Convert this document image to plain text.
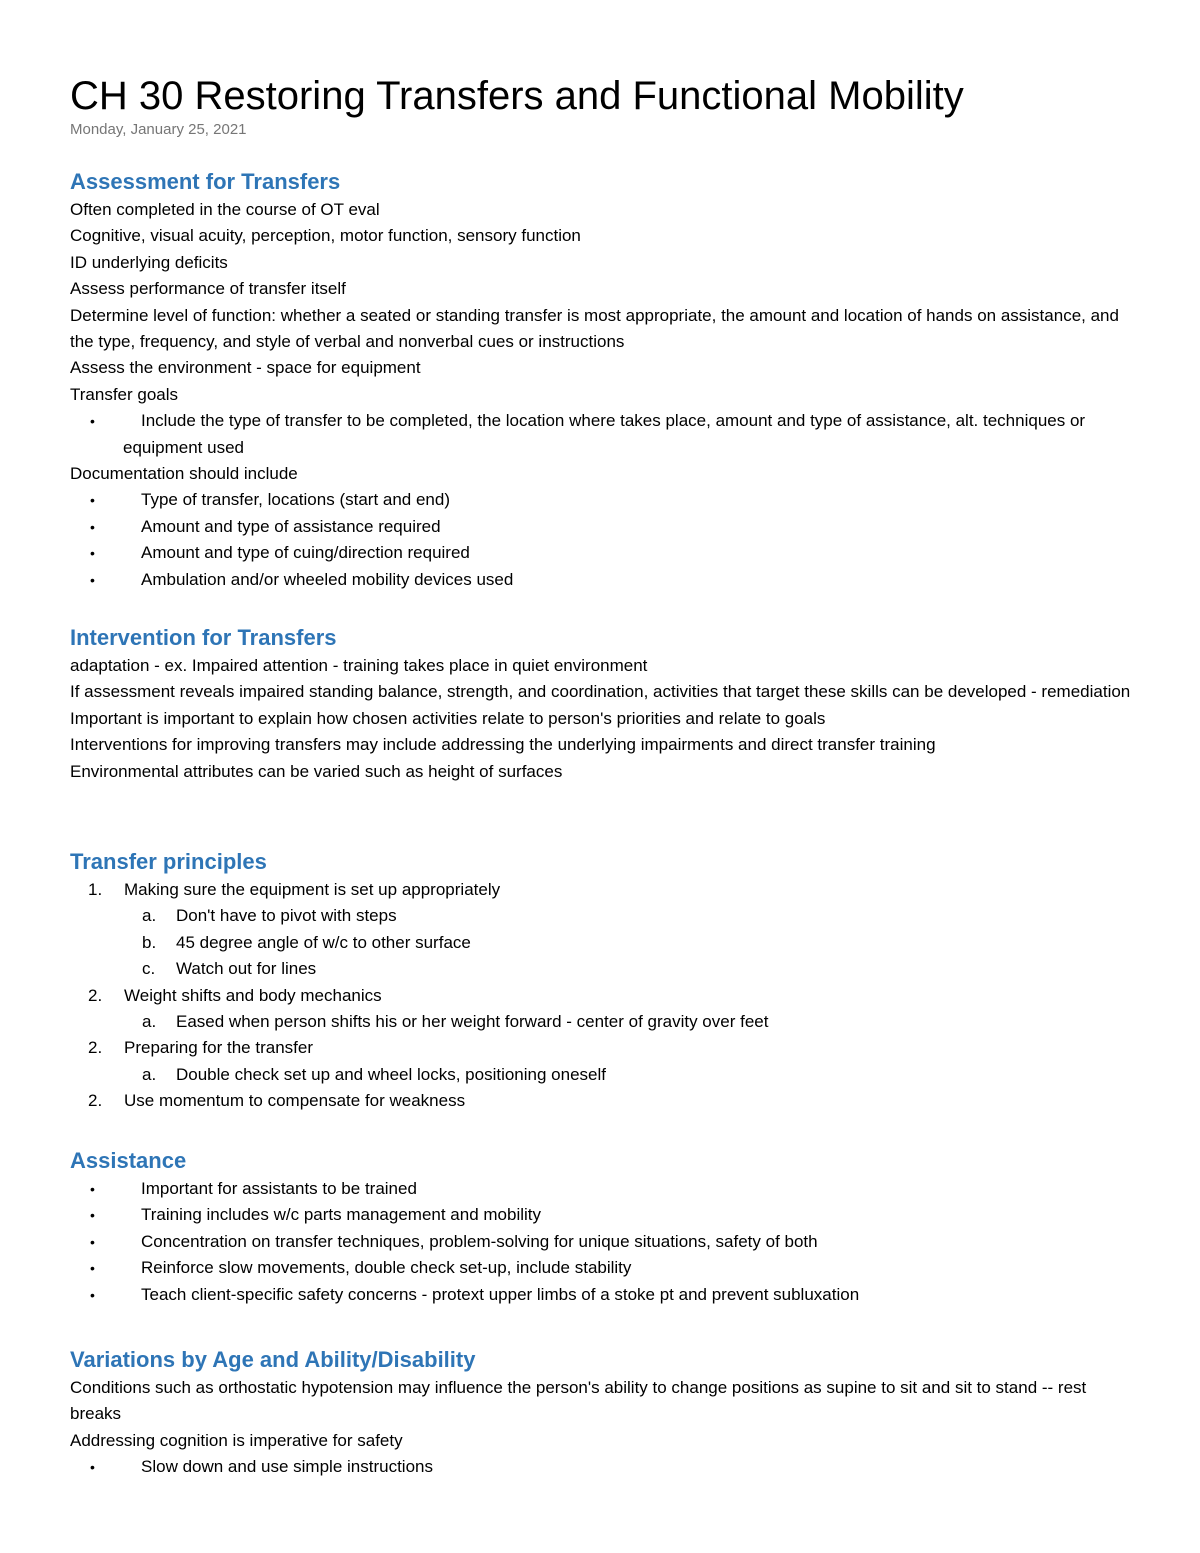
CH 30 Restoring Transfers and Functional Mobility
Monday, January 25, 2021
Assessment for Transfers

Often completed in the course of OT eval

Cognitive, visual acuity, perception, motor function, sensory function

ID underlying deficits

Assess performance of transfer itself

Determine level of function: whether a seated or standing transfer is most appropriate, the amount and location of hands on assistance, and the type, frequency, and style of verbal and nonverbal cues or instructions

Assess the environment - space for equipment

Transfer goals

•	Include the type of transfer to be completed, the location where takes place, amount and type of assistance, alt. techniques or equipment used

Documentation should include

•	Type of transfer, locations (start and end)
•	Amount and type of assistance required
•	Amount and type of cuing/direction required
•	Ambulation and/or wheeled mobility devices used
Intervention for Transfers

adaptation - ex. Impaired attention - training takes place in quiet environment

If assessment reveals impaired standing balance, strength, and coordination, activities that target these skills can be developed - remediation

Important is important to explain how chosen activities relate to person's priorities and relate to goals

Interventions for improving transfers may include addressing the underlying impairments and direct transfer training

Environmental attributes can be varied such as height of surfaces

Transfer principles
1. Making sure the equipment is set up appropriately
a. Don't have to pivot with steps
b. 45 degree angle of w/c to other surface
c. Watch out for lines
2. Weight shifts and body mechanics
a. Eased when person shifts his or her weight forward - center of gravity over feet
2. Preparing for the transfer
a. Double check set up and wheel locks, positioning oneself
2. Use momentum to compensate for weakness
Assistance
•	Important for assistants to be trained
•	Training includes w/c parts management and mobility
•	Concentration on transfer techniques, problem-solving for unique situations, safety of both
•	Reinforce slow movements, double check set-up, include stability
•	Teach client-specific safety concerns - protext upper limbs of a stoke pt and prevent subluxation
Variations by Age and Ability/Disability

Conditions such as orthostatic hypotension may influence the person's ability to change positions as supine to sit and sit to stand -- rest breaks

Addressing cognition is imperative for safety

•	Slow down and use simple instructions
